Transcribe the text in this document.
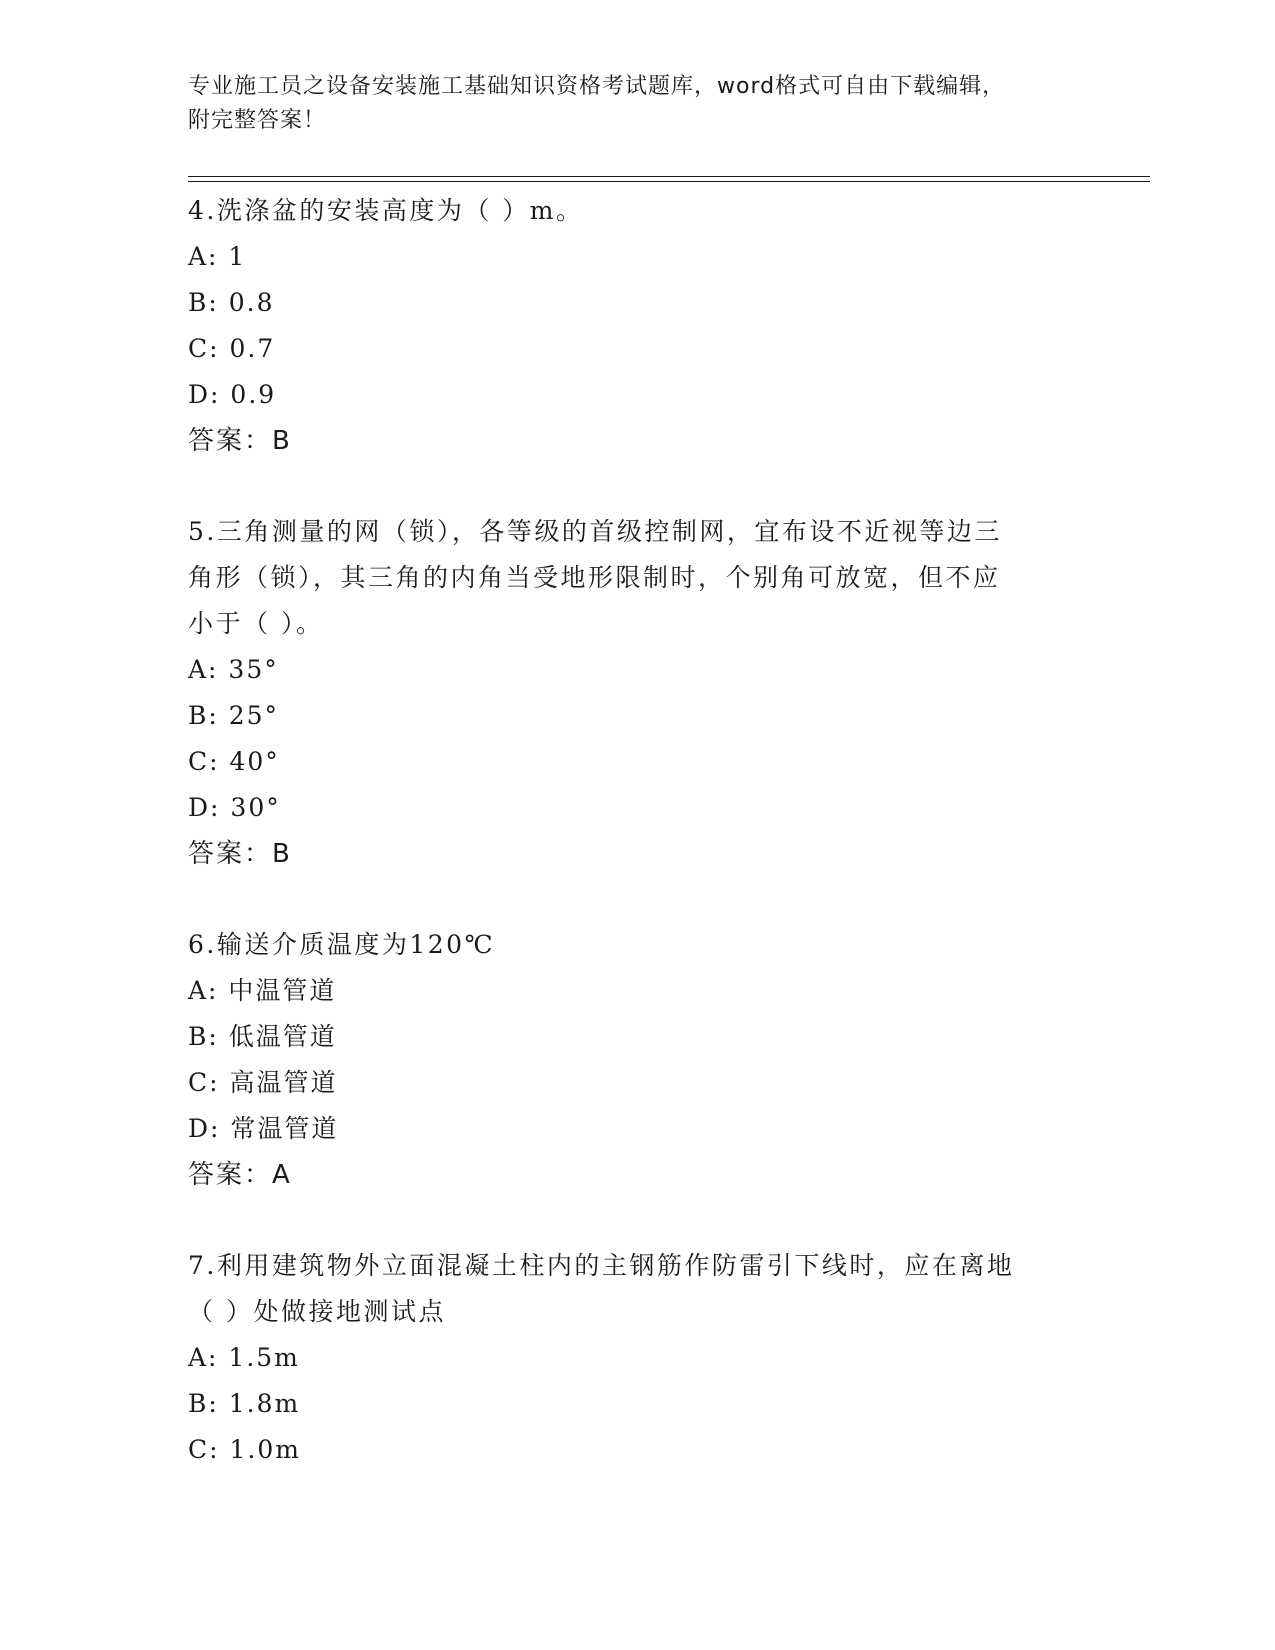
专业施工员之设备安装施工基础知识资格考试题库，word格式可自由下载编辑，
附完整答案！
4.洗涤盆的安装高度为（ ）m。
A: 1
B: 0.8
C: 0.7
D: 0.9
答案：B
5.三角测量的网（锁），各等级的首级控制网，宜布设不近视等边三
角形（锁），其三角的内角当受地形限制时，个别角可放宽，但不应
小于（ ）。
A: 35°
B: 25°
C: 40°
D: 30°
答案：B
6.输送介质温度为120℃
A: 中温管道
B: 低温管道
C: 高温管道
D: 常温管道
答案：A
7.利用建筑物外立面混凝土柱内的主钢筋作防雷引下线时，应在离地
（ ）处做接地测试点
A: 1.5m
B: 1.8m
C: 1.0m
